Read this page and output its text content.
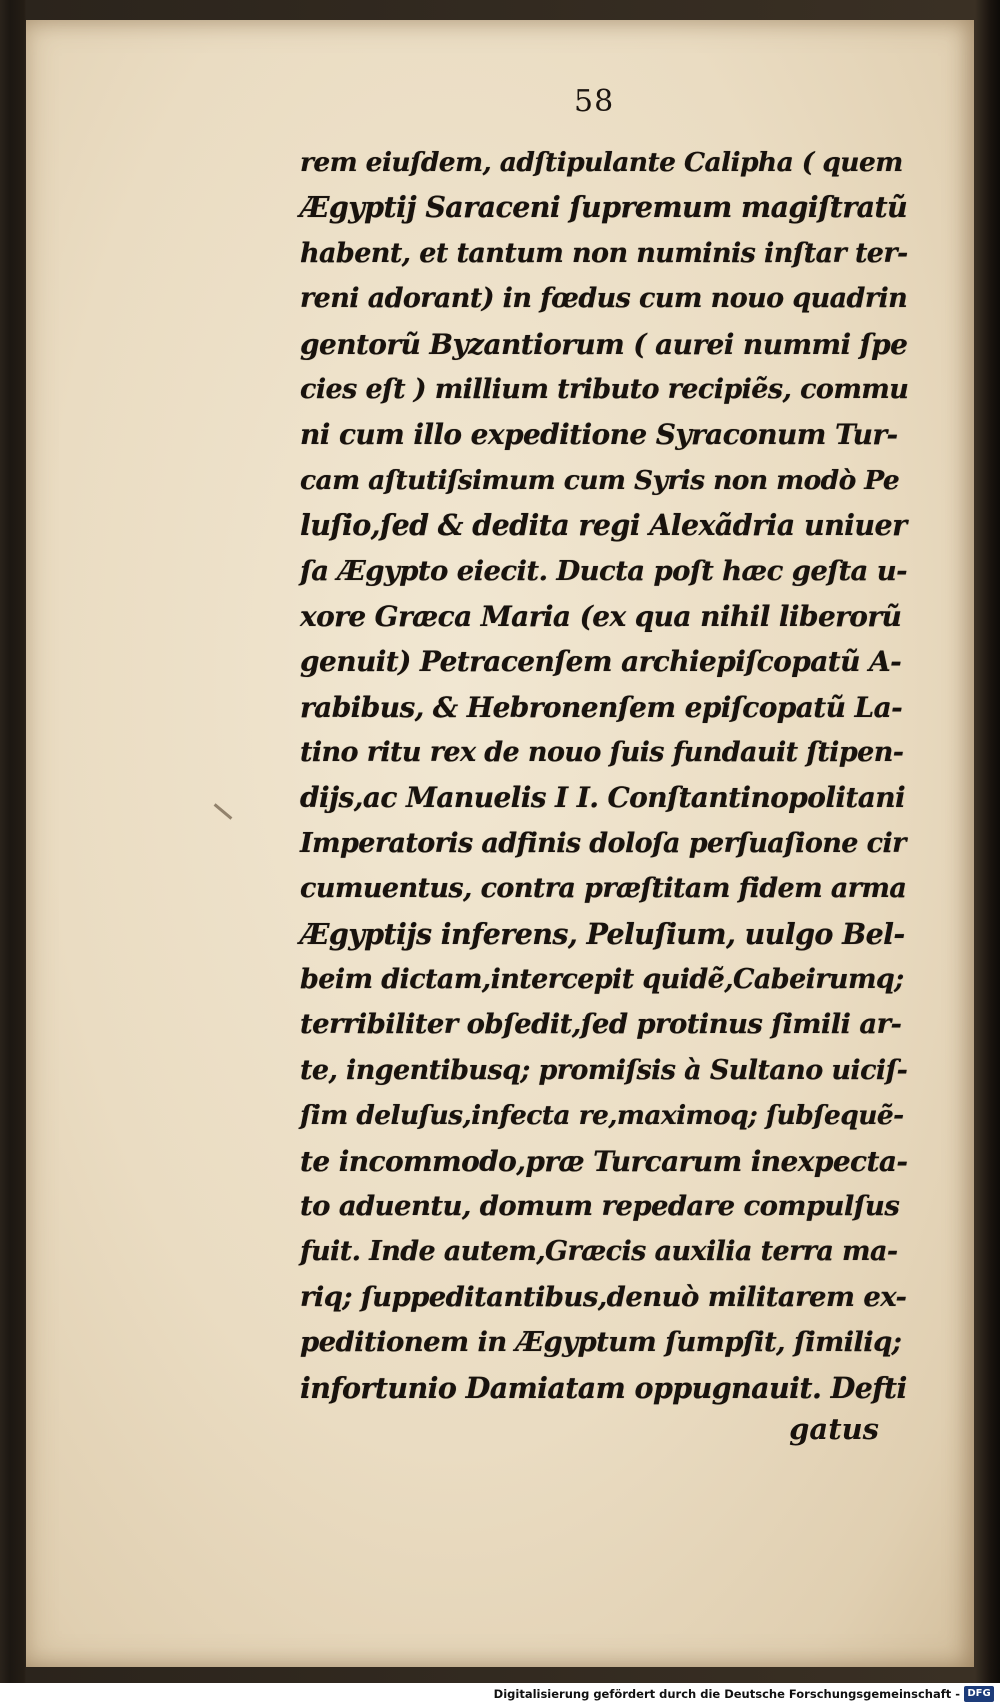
58
rem eiuſdem, adſtipulante Calipha ( quem
Ægyptij Saraceni ſupremum magiſtratũ
habent, et tantum non numinis inſtar ter-
reni adorant) in fœdus cum nouo quadrin
gentorũ Byzantiorum ( aurei nummi ſpe
cies eſt ) millium tributo recipiẽs, commu
ni cum illo expeditione Syraconum Tur-
cam aſtutiſsimum cum Syris non modò Pe
luſio,ſed & dedita regi Alexãdria uniuer
ſa Ægypto eiecit. Ducta poſt hæc geſta u-
xore Græca Maria (ex qua nihil liberorũ
genuit) Petracenſem archiepiſcopatũ A-
rabibus, & Hebronenſem epiſcopatũ La-
tino ritu rex de nouo ſuis fundauit ſtipen-
dijs,ac Manuelis I I. Conſtantinopolitani
Imperatoris adfinis doloſa perſuaſione cir
cumuentus, contra præſtitam fidem arma
Ægyptijs inferens, Peluſium, uulgo Bel-
beim dictam,intercepit quidẽ,Cabeirumq;
terribiliter obſedit,ſed protinus ſimili ar-
te, ingentibusq; promiſsis à Sultano uiciſ-
ſim deluſus,infecta re,maximoq; ſubſequẽ-
te incommodo,præ Turcarum inexpecta-
to aduentu, domum repedare compulſus
fuit. Inde autem,Græcis auxilia terra ma-
riq; ſuppeditantibus,denuò militarem ex-
peditionem in Ægyptum ſumpſit, ſimiliq;
infortunio Damiatam oppugnauit. Defti
gatus
Digitalisierung gefördert durch die Deutsche Forschungsgemeinschaft - DFG
